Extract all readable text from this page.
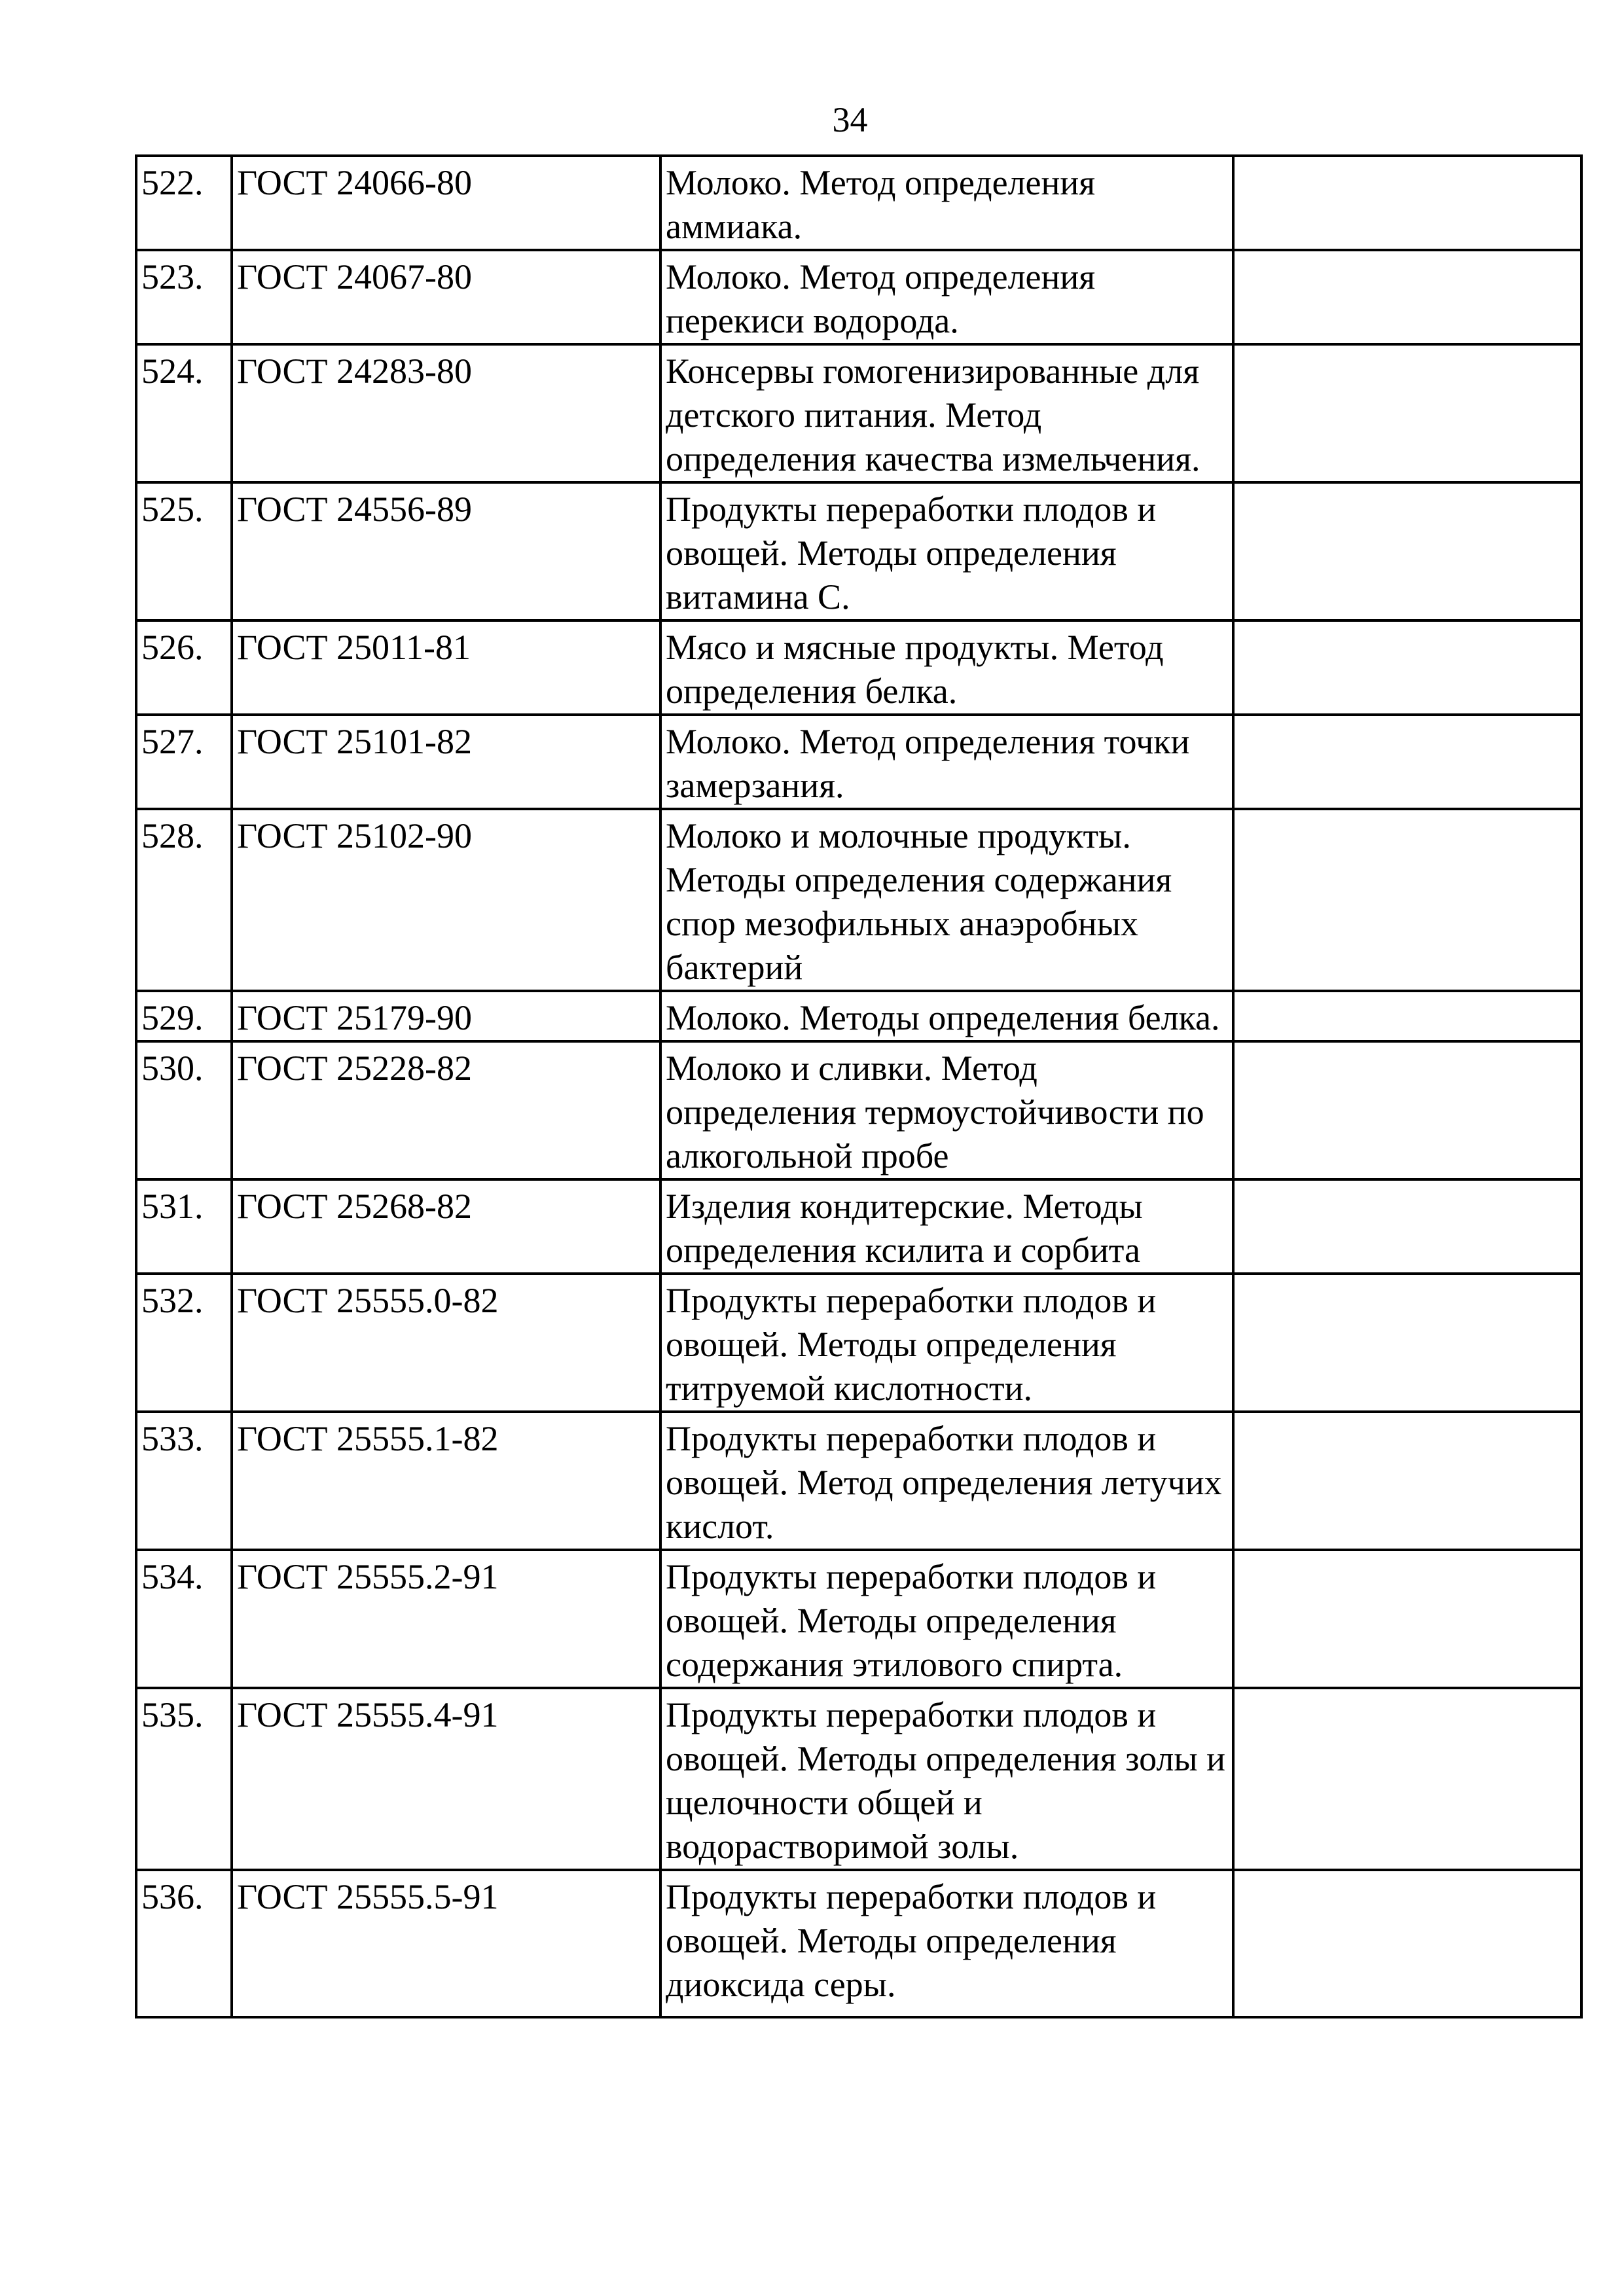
34
522.	ГОСТ 24066-80	Молоко. Метод определения аммиака.	
523.	ГОСТ 24067-80	Молоко. Метод определения перекиси водорода.	
524.	ГОСТ 24283-80	Консервы гомогенизированные для детского питания. Метод определения качества измельчения.	
525.	ГОСТ 24556-89	Продукты переработки плодов и овощей. Методы определения витамина С.	
526.	ГОСТ 25011-81	Мясо и мясные продукты. Метод определения белка.	
527.	ГОСТ 25101-82	Молоко. Метод определения точки замерзания.	
528.	ГОСТ 25102-90	Молоко и молочные продукты. Методы определения содержания спор мезофильных анаэробных бактерий	
529.	ГОСТ 25179-90	Молоко. Методы определения белка.	
530.	ГОСТ 25228-82	Молоко и сливки. Метод определения термоустойчивости по алкогольной пробе	
531.	ГОСТ 25268-82	Изделия кондитерские. Методы определения ксилита и сорбита	
532.	ГОСТ 25555.0-82	Продукты переработки плодов и овощей. Методы определения титруемой кислотности.	
533.	ГОСТ 25555.1-82	Продукты переработки плодов и овощей. Метод определения летучих кислот.	
534.	ГОСТ 25555.2-91	Продукты переработки плодов и овощей. Методы определения содержания этилового спирта.	
535.	ГОСТ 25555.4-91	Продукты переработки плодов и овощей. Методы определения золы и щелочности общей и водорастворимой золы.	
536.	ГОСТ 25555.5-91	Продукты переработки плодов и овощей. Методы определения диоксида серы.	
